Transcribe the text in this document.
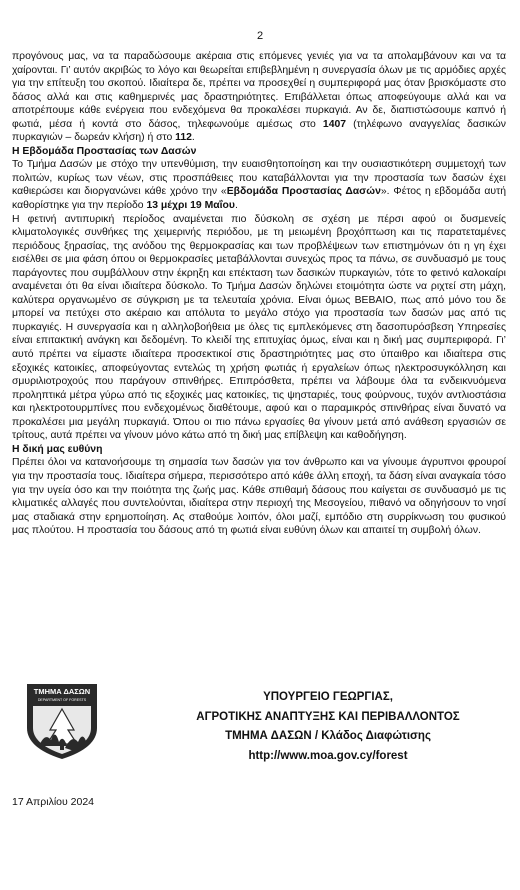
2

προγόνους μας, να τα παραδώσουμε ακέραια στις επόμενες γενιές για να τα απολαμβάνουν και να τα χαίρονται. Γι’ αυτόν ακριβώς το λόγο και θεωρείται επιβεβλημένη η συνεργασία όλων με τις αρμόδιες αρχές για την επίτευξη του σκοπού. Ιδιαίτερα δε, πρέπει να προσεχθεί η συμπεριφορά μας όταν βρισκόμαστε στο δάσος αλλά και στις καθημερινές μας δραστηριότητες. Επιβάλλεται όπως αποφεύγουμε αλλά και να αποτρέπουμε κάθε ενέργεια που ενδεχόμενα θα προκαλέσει πυρκαγιά. Αν δε, διαπιστώσουμε καπνό ή φωτιά, μέσα ή κοντά στο δάσος, τηλεφωνούμε αμέσως στο 1407 (τηλέφωνο αναγγελίας δασικών πυρκαγιών – δωρεάν κλήση) ή στο 112.

Η Εβδομάδα Προστασίας των Δασών

Το Τμήμα Δασών με στόχο την υπενθύμιση, την ευαισθητοποίηση και την ουσιαστικότερη συμμετοχή των πολιτών, κυρίως των νέων, στις προσπάθειες που καταβάλλονται για την προστασία των δασών έχει καθιερώσει και διοργανώνει κάθε χρόνο την «Εβδομάδα Προστασίας Δασών». Φέτος η εβδομάδα αυτή καθορίστηκε για την περίοδο 13 μέχρι 19 Μαΐου.

Η φετινή αντιπυρική περίοδος αναμένεται πιο δύσκολη σε σχέση με πέρσι αφού οι δυσμενείς κλιματολογικές συνθήκες της χειμερινής περιόδου, με τη μειωμένη βροχόπτωση και τις παρατεταμένες περιόδους ξηρασίας, της ανόδου της θερμοκρασίας και των προβλέψεων των επιστημόνων ότι η γη έχει εισέλθει σε μια φάση όπου οι θερμοκρασίες μεταβάλλονται συνεχώς προς τα πάνω, σε συνδυασμό με τους παράγοντες που συμβάλλουν στην έκρηξη και επέκταση των δασικών πυρκαγιών, τότε το φετινό καλοκαίρι αναμένεται ότι θα είναι ιδιαίτερα δύσκολο. Το Τμήμα Δασών δηλώνει ετοιμότητα ώστε να ριχτεί στη μάχη, καλύτερα οργανωμένο σε σύγκριση με τα τελευταία χρόνια. Είναι όμως ΒΕΒΑΙΟ, πως από μόνο του δε μπορεί να πετύχει στο ακέραιο και απόλυτα το μεγάλο στόχο για προστασία των δασών μας από τις πυρκαγιές. Η συνεργασία και η αλληλοβοήθεια με όλες τις εμπλεκόμενες στη δασοπυρόσβεση Υπηρεσίες είναι επιτακτική ανάγκη και δεδομένη. Το κλειδί της επιτυχίας όμως, είναι και η δική μας συμπεριφορά. Γι’ αυτό πρέπει να είμαστε ιδιαίτερα προσεκτικοί στις δραστηριότητες μας στο ύπαιθρο και ιδιαίτερα στις εξοχικές κατοικίες, αποφεύγοντας εντελώς τη χρήση φωτιάς ή εργαλείων όπως ηλεκτροσυγκόλληση και σμυριλιοτροχούς που παράγουν σπινθήρες. Επιπρόσθετα, πρέπει να λάβουμε όλα τα ενδεικνυόμενα προληπτικά μέτρα γύρω από τις εξοχικές μας κατοικίες, τις ψησταριές, τους φούρνους, τυχόν αντλιοστάσια και ηλεκτροτουρμπίνες που ενδεχομένως διαθέτουμε, αφού και ο παραμικρός σπινθήρας είναι δυνατό να προκαλέσει μια μεγάλη πυρκαγιά. Όπου οι πιο πάνω εργασίες θα γίνουν μετά από ανάθεση εργασιών σε τρίτους, αυτά πρέπει να γίνουν μόνο κάτω από τη δική μας επίβλεψη και καθοδήγηση.

Η δική μας ευθύνη

Πρέπει όλοι να κατανοήσουμε τη σημασία των δασών για τον άνθρωπο και να γίνουμε άγρυπνοι φρουροί για την προστασία τους. Ιδιαίτερα σήμερα, περισσότερο από κάθε άλλη εποχή, τα δάση είναι αναγκαία τόσο για την υγεία όσο και την ποιότητα της ζωής μας. Κάθε σπιθαμή δάσους που καίγεται σε συνδυασμό με τις κλιματικές αλλαγές που συντελούνται, ιδιαίτερα στην περιοχή της Μεσογείου, πιθανό να οδηγήσουν το νησί μας σταδιακά στην ερημοποίηση. Ας σταθούμε λοιπόν, όλοι μαζί, εμπόδιο στη συρρίκνωση του φυσικού μας πλούτου. Η προστασία του δάσους από τη φωτιά είναι ευθύνη όλων και απαιτεί τη συμβολή όλων.

ΤΜΗΜΑ ΔΑΣΩΝ
DEPARTMENT OF FORESTS	ΥΠΟΥΡΓΕΙΟ ΓΕΩΡΓΙΑΣ,
ΑΓΡΟΤΙΚΗΣ ΑΝΑΠΤΥΞΗΣ ΚΑΙ ΠΕΡΙΒΑΛΛΟΝΤΟΣ
ΤΜΗΜΑ ΔΑΣΩΝ / Κλάδος Διαφώτισης
http://www.moa.gov.cy/forest
17 Απριλίου 2024
